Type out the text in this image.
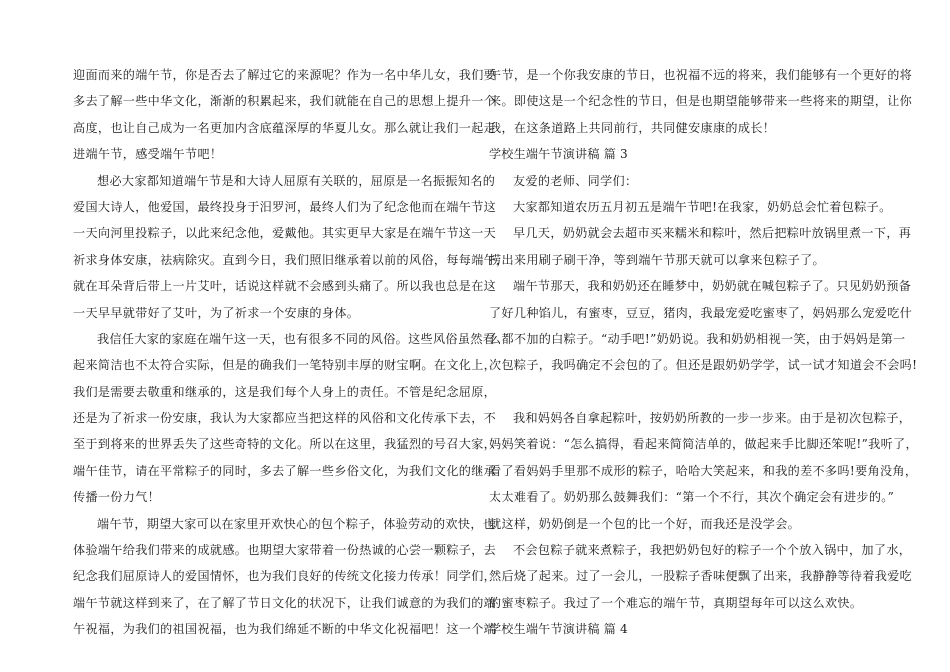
迎面而来的端午节，你是否去了解过它的来源呢？作为一名中华儿女，我们要
多去了解一些中华文化，渐渐的积累起来，我们就能在自己的思想上提升一个
高度，也让自己成为一名更加内含底蕴深厚的华夏儿女。那么就让我们一起走
进端午节，感受端午节吧！
想必大家都知道端午节是和大诗人屈原有关联的，屈原是一名振振知名的
爱国大诗人，他爱国，最终投身于汨罗河，最终人们为了纪念他而在端午节这
一天向河里投粽子，以此来纪念他，爱戴他。其实更早大家是在端午节这一天
祈求身体安康，祛病除灾。直到今日，我们照旧继承着以前的风俗，每每端午，
就在耳朵背后带上一片艾叶，话说这样就不会感到头痛了。所以我也总是在这
一天早早就带好了艾叶，为了祈求一个安康的身体。
我信任大家的家庭在端午这一天，也有很多不同的风俗。这些风俗虽然看
起来简洁也不太符合实际，但是的确我们一笔特别丰厚的财宝啊。在文化上，
我们是需要去敬重和继承的，这是我们每个人身上的责任。不管是纪念屈原，
还是为了祈求一份安康，我认为大家都应当把这样的风俗和文化传承下去，不
至于到将来的世界丢失了这些奇特的文化。所以在这里，我猛烈的号召大家，
端午佳节，请在平常粽子的同时，多去了解一些乡俗文化，为我们文化的继承
传播一份力气！
端午节，期望大家可以在家里开欢快心的包个粽子，体验劳动的欢快，也
体验端午给我们带来的成就感。也期望大家带着一份热诚的心尝一颗粽子，去
纪念我们屈原诗人的爱国情怀，也为我们良好的传统文化接力传承！同学们，
端午节就这样到来了，在了解了节日文化的状况下，让我们诚意的为我们的端
午祝福，为我们的祖国祝福，也为我们绵延不断的中华文化祝福吧！这一个端
午节，是一个你我安康的节日，也祝福不远的将来，我们能够有一个更好的将
来。即使这是一个纪念性的节日，但是也期望能够带来一些将来的期望，让你
我，在这条道路上共同前行，共同健安康康的成长！
学校生端午节演讲稿 篇 3
友爱的老师、同学们：
大家都知道农历五月初五是端午节吧!在我家，奶奶总会忙着包粽子。
早几天，奶奶就会去超市买来糯米和粽叶，然后把粽叶放锅里煮一下，再
捞出来用刷子刷干净，等到端午节那天就可以拿来包粽子了。
端午节那天，我和奶奶还在睡梦中，奶奶就在喊包粽子了。只见奶奶预备
了好几种馅儿，有蜜枣，豆豆，猪肉，我最宠爱吃蜜枣了，妈妈那么宠爱吃什
么都不加的白粽子。“动手吧!”奶奶说。我和奶奶相视一笑，由于妈妈是第一
次包粽子，我吗确定不会包的了。但还是跟奶奶学学，试一试才知道会不会吗!
我和妈妈各自拿起粽叶，按奶奶所教的一步一步来。由于是初次包粽子，
妈妈笑着说：“怎么搞得，看起来简简洁单的，做起来手比脚还笨呢!”我听了，
看了看妈妈手里那不成形的粽子，哈哈大笑起来，和我的差不多吗!要角没角，
太太难看了。奶奶那么鼓舞我们：“第一个不行，其次个确定会有进步的。”
就这样，奶奶倒是一个包的比一个好，而我还是没学会。
不会包粽子就来煮粽子，我把奶奶包好的粽子一个个放入锅中，加了水，
然后烧了起来。过了一会儿，一股粽子香味便飘了出来，我静静等待着我爱吃
的蜜枣粽子。我过了一个难忘的端午节，真期望每年可以这么欢快。
学校生端午节演讲稿 篇 4
